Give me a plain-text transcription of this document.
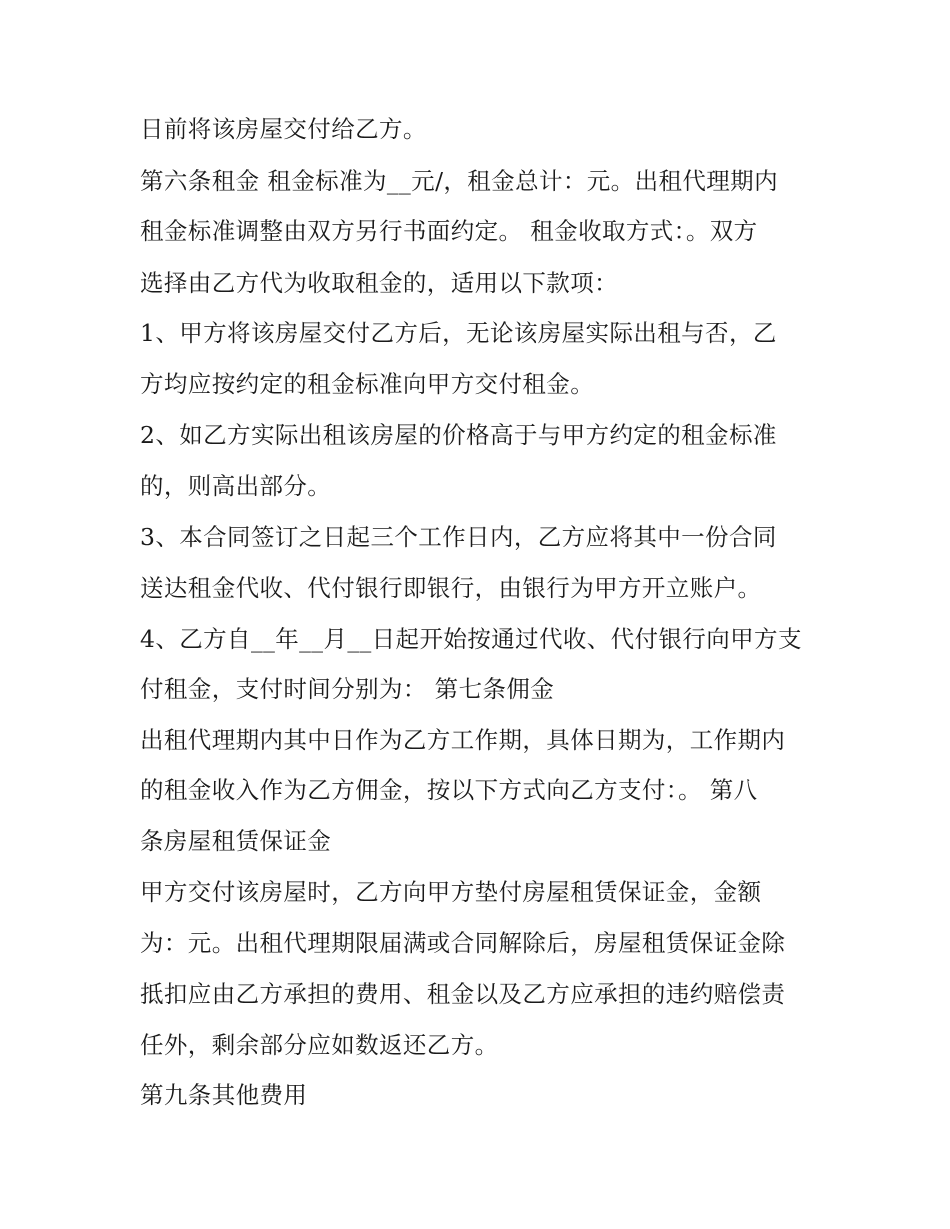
日前将该房屋交付给乙方。
第六条租金 租金标准为__元/，租金总计：元。出租代理期内
租金标准调整由双方另行书面约定。 租金收取方式：。双方
选择由乙方代为收取租金的，适用以下款项：
1、甲方将该房屋交付乙方后，无论该房屋实际出租与否，乙
方均应按约定的租金标准向甲方交付租金。
2、如乙方实际出租该房屋的价格高于与甲方约定的租金标准
的，则高出部分。
3、本合同签订之日起三个工作日内，乙方应将其中一份合同
送达租金代收、代付银行即银行，由银行为甲方开立账户。
4、乙方自__年__月__日起开始按通过代收、代付银行向甲方支
付租金，支付时间分别为： 第七条佣金
出租代理期内其中日作为乙方工作期，具体日期为，工作期内
的租金收入作为乙方佣金，按以下方式向乙方支付：。 第八
条房屋租赁保证金
甲方交付该房屋时，乙方向甲方垫付房屋租赁保证金，金额
为：元。出租代理期限届满或合同解除后，房屋租赁保证金除
抵扣应由乙方承担的费用、租金以及乙方应承担的违约赔偿责
任外，剩余部分应如数返还乙方。
第九条其他费用
